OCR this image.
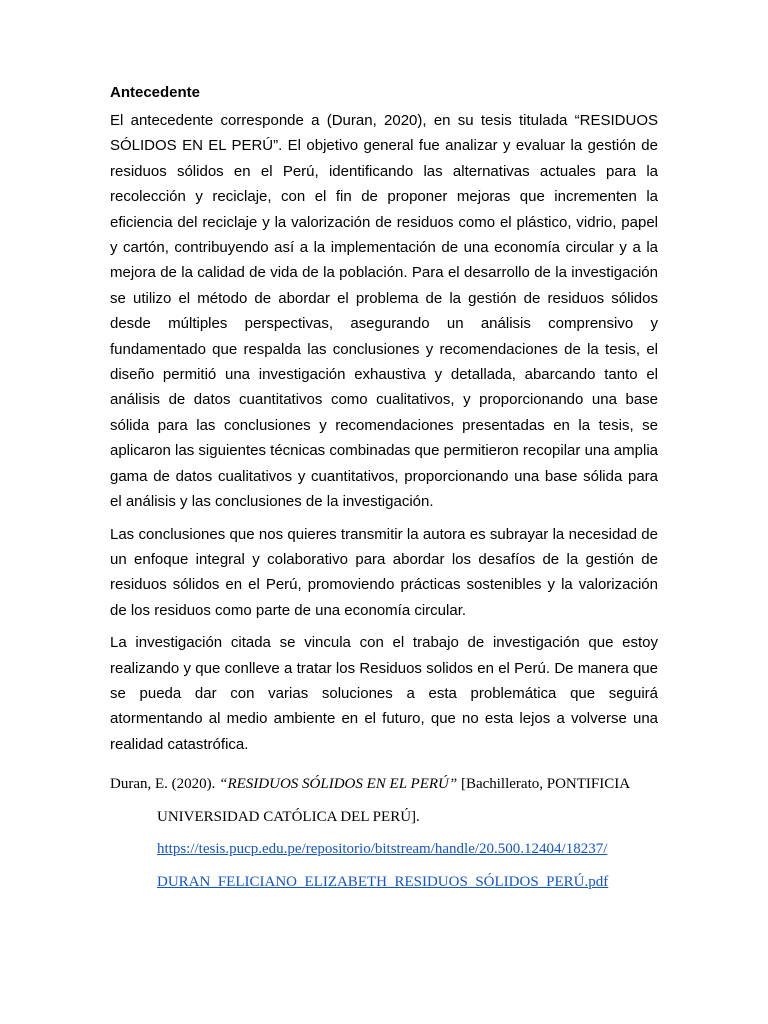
Antecedente

El antecedente corresponde a (Duran, 2020), en su tesis titulada “RESIDUOS SÓLIDOS EN EL PERÚ”. El objetivo general fue analizar y evaluar la gestión de residuos sólidos en el Perú, identificando las alternativas actuales para la recolección y reciclaje, con el fin de proponer mejoras que incrementen la eficiencia del reciclaje y la valorización de residuos como el plástico, vidrio, papel y cartón, contribuyendo así a la implementación de una economía circular y a la mejora de la calidad de vida de la población. Para el desarrollo de la investigación se utilizo el método de abordar el problema de la gestión de residuos sólidos desde múltiples perspectivas, asegurando un análisis comprensivo y fundamentado que respalda las conclusiones y recomendaciones de la tesis, el diseño permitió una investigación exhaustiva y detallada, abarcando tanto el análisis de datos cuantitativos como cualitativos, y proporcionando una base sólida para las conclusiones y recomendaciones presentadas en la tesis, se aplicaron las siguientes técnicas combinadas que permitieron recopilar una amplia gama de datos cualitativos y cuantitativos, proporcionando una base sólida para el análisis y las conclusiones de la investigación.

Las conclusiones que nos quieres transmitir la autora es subrayar la necesidad de un enfoque integral y colaborativo para abordar los desafíos de la gestión de residuos sólidos en el Perú, promoviendo prácticas sostenibles y la valorización de los residuos como parte de una economía circular.

La investigación citada se vincula con el trabajo de investigación que estoy realizando y que conlleve a tratar los Residuos solidos en el Perú. De manera que se pueda dar con varias soluciones a esta problemática que seguirá atormentando al medio ambiente en el futuro, que no esta lejos a volverse una realidad catastrófica.

Duran, E. (2020). “RESIDUOS SÓLIDOS EN EL PERÚ” [Bachillerato, PONTIFICIA

UNIVERSIDAD CATÓLICA DEL PERÚ].

https://tesis.pucp.edu.pe/repositorio/bitstream/handle/20.500.12404/18237/

DURAN_FELICIANO_ELIZABETH_RESIDUOS_SÓLIDOS_PERÚ.pdf
